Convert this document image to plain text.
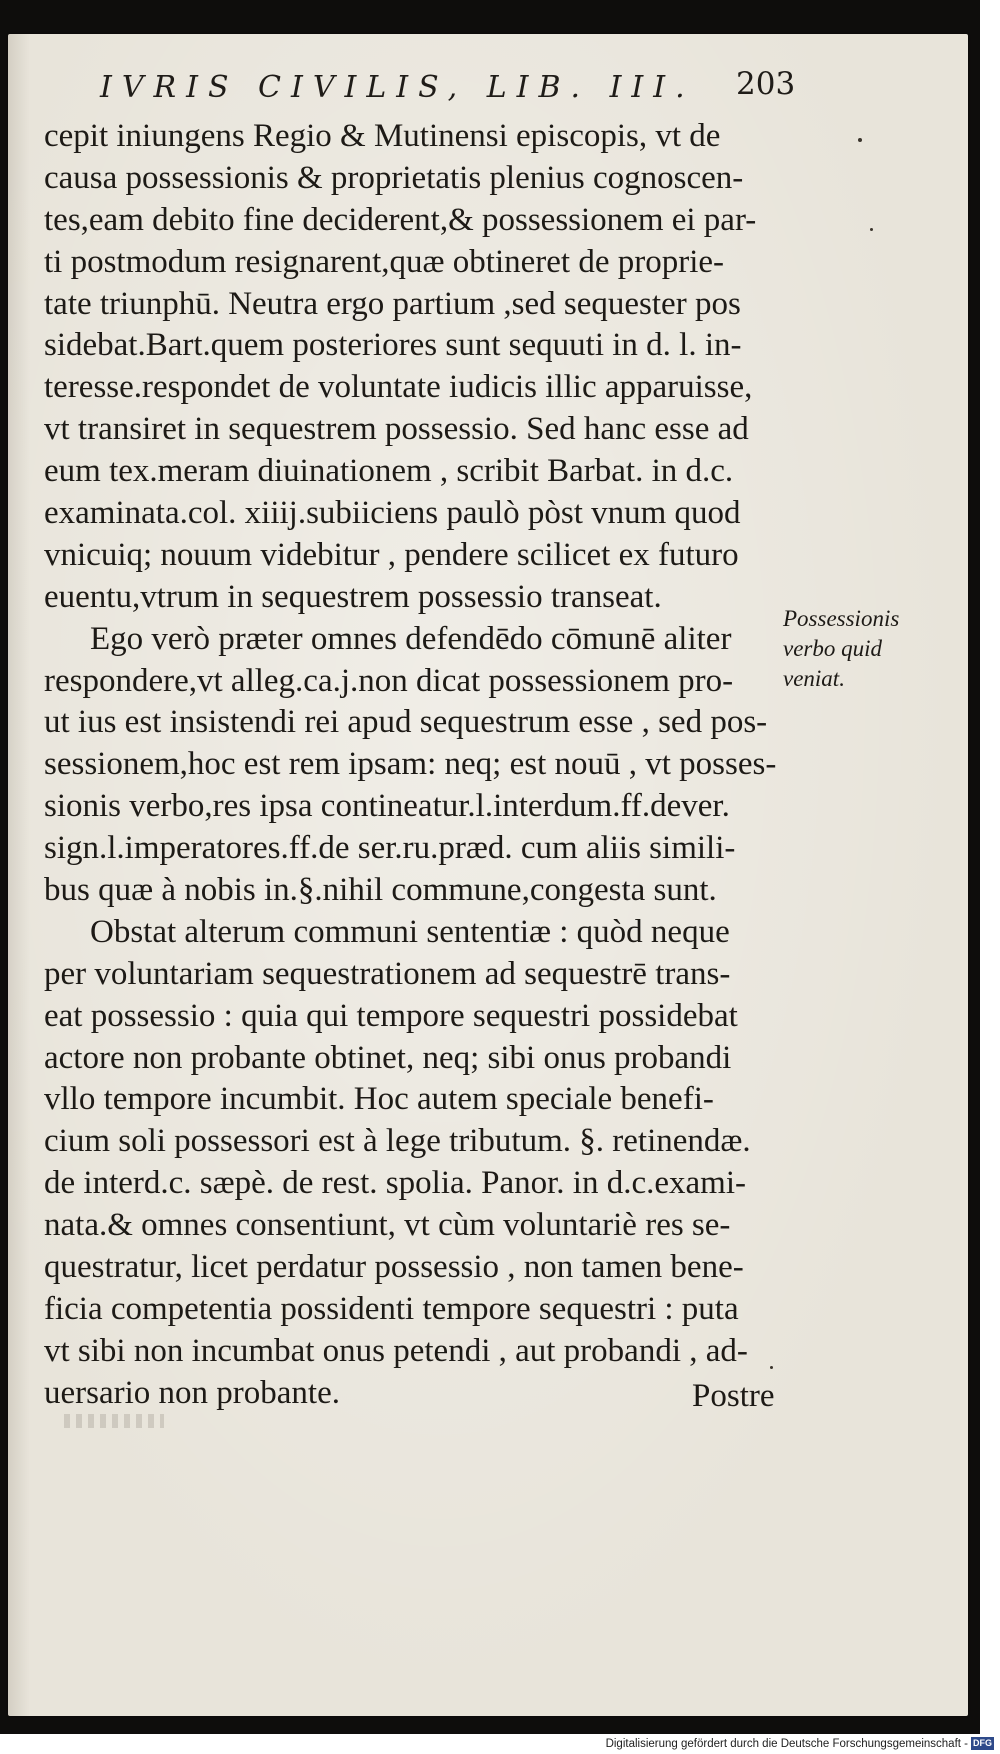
IVRIS CIVILIS, LIB. III.	203
cepit iniungens Regio & Mutinensi episcopis, vt de
causa possessionis & proprietatis plenius cognoscen-
tes,eam debito fine deciderent,& possessionem ei par-
ti postmodum resignarent,quæ obtineret de proprie-
tate triunphū. Neutra ergo partium ,sed sequester pos
sidebat.Bart.quem posteriores sunt sequuti in d. l. in-
teresse.respondet de voluntate iudicis illic apparuisse,
vt transiret in sequestrem possessio. Sed hanc esse ad
eum tex.meram diuinationem , scribit Barbat. in d.c.
examinata.col. xiiij.subiiciens paulò pòst vnum quod
vnicuiq; nouum videbitur , pendere scilicet ex futuro
euentu,vtrum in sequestrem possessio transeat.
Ego verò præter omnes defendēdo cōmunē aliter
respondere,vt alleg.ca.j.non dicat possessionem pro-
ut ius est insistendi rei apud sequestrum esse , sed pos-
sessionem,hoc est rem ipsam: neq; est nouū , vt posses-
sionis verbo,res ipsa contineatur.l.interdum.ff.dever.
sign.l.imperatores.ff.de ser.ru.præd. cum aliis simili-
bus quæ à nobis in.§.nihil commune,congesta sunt.
Obstat alterum communi sententiæ : quòd neque
per voluntariam sequestrationem ad sequestrē trans-
eat possessio : quia qui tempore sequestri possidebat
actore non probante obtinet, neq; sibi onus probandi
vllo tempore incumbit. Hoc autem speciale benefi-
cium soli possessori est à lege tributum. §. retinendæ.
de interd.c. sæpè. de rest. spolia. Panor. in d.c.exami-
nata.& omnes consentiunt, vt cùm voluntariè res se-
questratur, licet perdatur possessio , non tamen bene-
ficia competentia possidenti tempore sequestri : puta
vt sibi non incumbat onus petendi , aut probandi , ad-
uersario non probante.
Possessionis
verbo quid
veniat.
Postre
Digitalisierung gefördert durch die Deutsche Forschungsgemeinschaft - DFG
